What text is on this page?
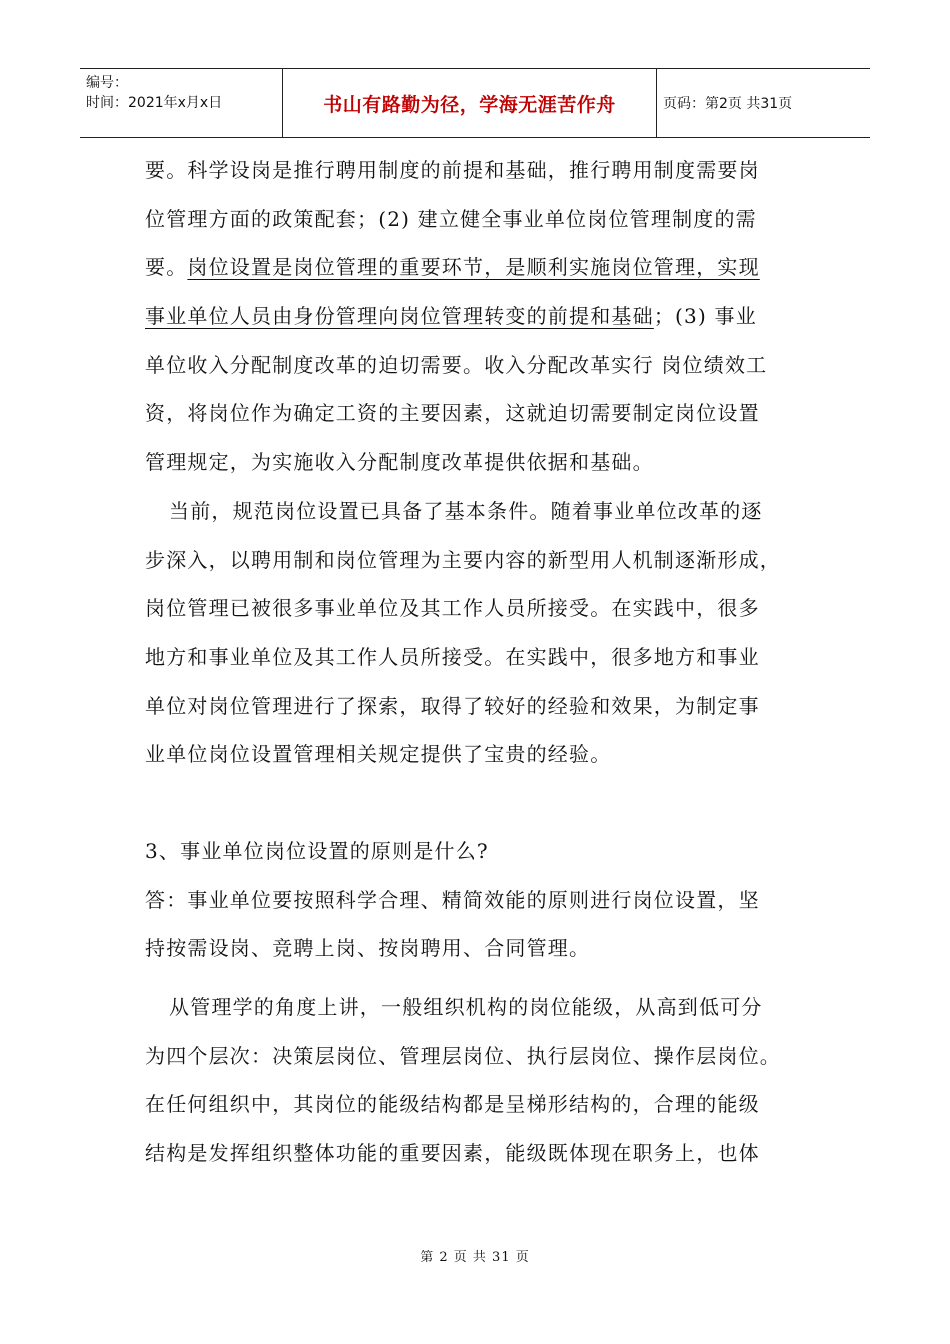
编号：
时间：2021年x月x日	书山有路勤为径，学海无涯苦作舟	页码：第2页 共31页
要。科学设岗是推行聘用制度的前提和基础，推行聘用制度需要岗
位管理方面的政策配套；(2) 建立健全事业单位岗位管理制度的需
要。岗位设置是岗位管理的重要环节，是顺利实施岗位管理，实现
事业单位人员由身份管理向岗位管理转变的前提和基础；(3) 事业
单位收入分配制度改革的迫切需要。收入分配改革实行 岗位绩效工
资，将岗位作为确定工资的主要因素，这就迫切需要制定岗位设置
管理规定，为实施收入分配制度改革提供依据和基础。
当前，规范岗位设置已具备了基本条件。随着事业单位改革的逐
步深入，以聘用制和岗位管理为主要内容的新型用人机制逐渐形成，
岗位管理已被很多事业单位及其工作人员所接受。在实践中，很多
地方和事业单位及其工作人员所接受。在实践中，很多地方和事业
单位对岗位管理进行了探索，取得了较好的经验和效果，为制定事
业单位岗位设置管理相关规定提供了宝贵的经验。
3、事业单位岗位设置的原则是什么?
答：事业单位要按照科学合理、精简效能的原则进行岗位设置，坚
持按需设岗、竞聘上岗、按岗聘用、合同管理。
从管理学的角度上讲，一般组织机构的岗位能级，从高到低可分
为四个层次：决策层岗位、管理层岗位、执行层岗位、操作层岗位。
在任何组织中，其岗位的能级结构都是呈梯形结构的，合理的能级
结构是发挥组织整体功能的重要因素，能级既体现在职务上，也体
第 2 页 共 31 页
